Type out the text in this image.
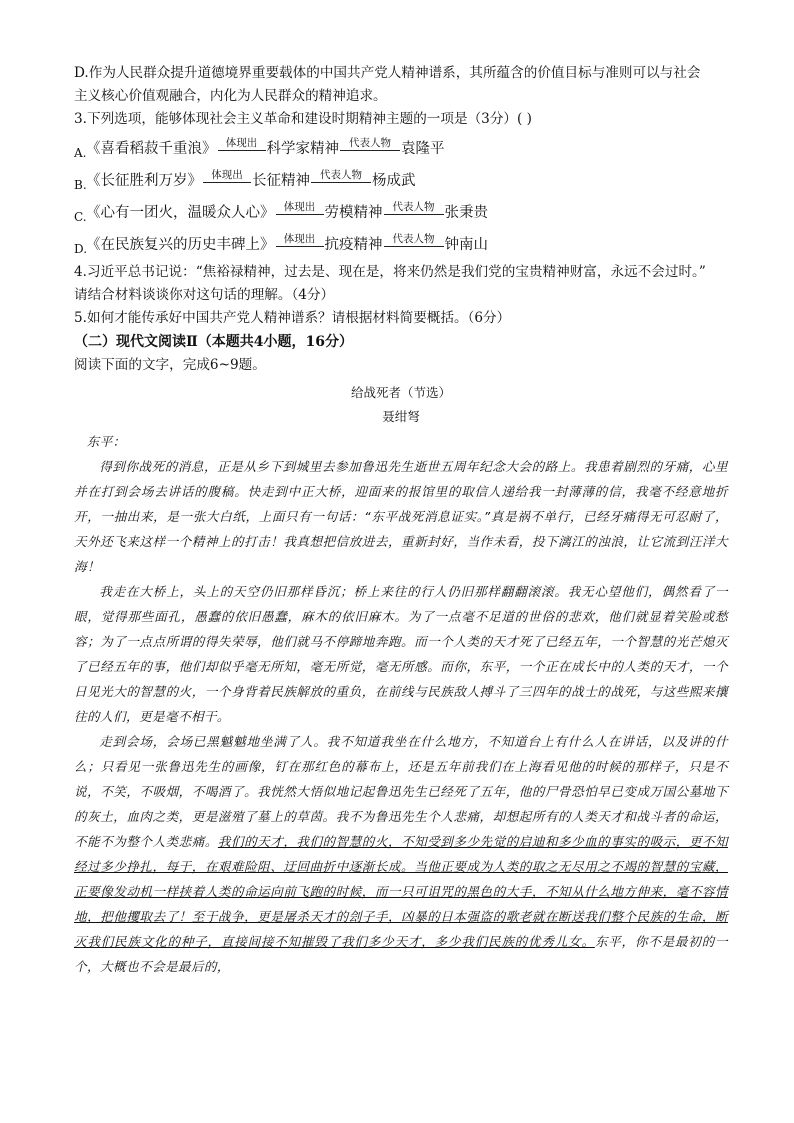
D.作为人民群众提升道德境界重要载体的中国共产党人精神谱系，其所蕴含的价值目标与准则可以与社会
主义核心价值观融合，内化为人民群众的精神追求。
3.下列选项，能够体现社会主义革命和建设时期精神主题的一项是（3分）( )
A. 《喜看稻菽千重浪》 体现出 科学家精神 代表人物 袁隆平
B. 《长征胜利万岁》 体现出 长征精神 代表人物 杨成武
C. 《心有一团火，温暖众人心》 体现出 劳模精神 代表人物 张秉贵
D.
《在民族复兴的历史丰碑上》 体现出 抗疫精神 代表人物 钟南山
4.习近平总书记说：“焦裕禄精神，过去是、现在是，将来仍然是我们党的宝贵精神财富，永远不会过时。”
请结合材料谈谈你对这句话的理解。（4分）
5.如何才能传承好中国共产党人精神谱系？请根据材料简要概括。（6分）
（二）现代文阅读Ⅱ（本题共4小题，16分）
阅读下面的文字，完成6~9题。
给战死者（节选）
聂绀弩
东平：
得到你战死的消息，正是从乡下到城里去参加鲁迅先生逝世五周年纪念大会的路上。我患着剧烈的牙痛，心里并在打到会场去讲话的腹稿。快走到中正大桥，迎面来的报馆里的取信人递给我一封薄薄的信，我毫不经意地折开，一抽出来，是一张大白纸，上面只有一句话：“东平战死消息证实。”真是祸不单行，已经牙痛得无可忍耐了，天外还飞来这样一个精神上的打击！我真想把信放进去，重新封好，当作未看，投下漓江的浊浪，让它流到汪洋大海！
我走在大桥上，头上的天空仍旧那样昏沉；桥上来往的行人仍旧那样翻翻滚滚。我无心望他们，偶然看了一眼，觉得那些面孔，愚蠢的依旧愚蠢，麻木的依旧麻木。为了一点毫不足道的世俗的悲欢，他们就显着笑脸或愁容；为了一点点所谓的得失荣辱，他们就马不停蹄地奔跑。而一个人类的天才死了已经五年，一个智慧的光芒熄灭了已经五年的事，他们却似乎毫无所知，毫无所觉，毫无所感。而你，东平，一个正在成长中的人类的天才，一个日见光大的智慧的火，一个身背着民族解放的重负，在前线与民族敌人搏斗了三四年的战士的战死，与这些熙来攘往的人们，更是毫不相干。
走到会场，会场已黑魆魆地坐满了人。我不知道我坐在什么地方，不知道台上有什么人在讲话，以及讲的什么；只看见一张鲁迅先生的画像，钉在那红色的幕布上，还是五年前我们在上海看见他的时候的那样子，只是不说，不笑，不吸烟，不喝酒了。我恍然大悟似地记起鲁迅先生已经死了五年，他的尸骨恐怕早已变成万国公墓地下的灰土，血肉之类，更是滋殖了墓上的草茵。我不为鲁迅先生个人悲痛，却想起所有的人类天才和战斗者的命运，不能不为整个人类悲痛。我们的天才，我们的智慧的火，不知受到多少先觉的启迪和多少血的事实的吸示，更不知经过多少挣扎，每于，在艰难险阻、迂回曲折中逐渐长成。当他正要成为人类的取之无尽用之不竭的智慧的宝藏，正要像发动机一样挟着人类的命运向前飞跑的时候，而一只可诅咒的黑色的大手，不知从什么地方伸来，毫不容情地，把他攫取去了！至于战争，更是屠杀天才的刽子手，凶暴的日本强盗的歌老就在断送我们整个民族的生命，断灭我们民族文化的种子，直接间接不知摧毁了我们多少天才，多少我们民族的优秀儿女。东平，你不是最初的一个，大概也不会是最后的，
